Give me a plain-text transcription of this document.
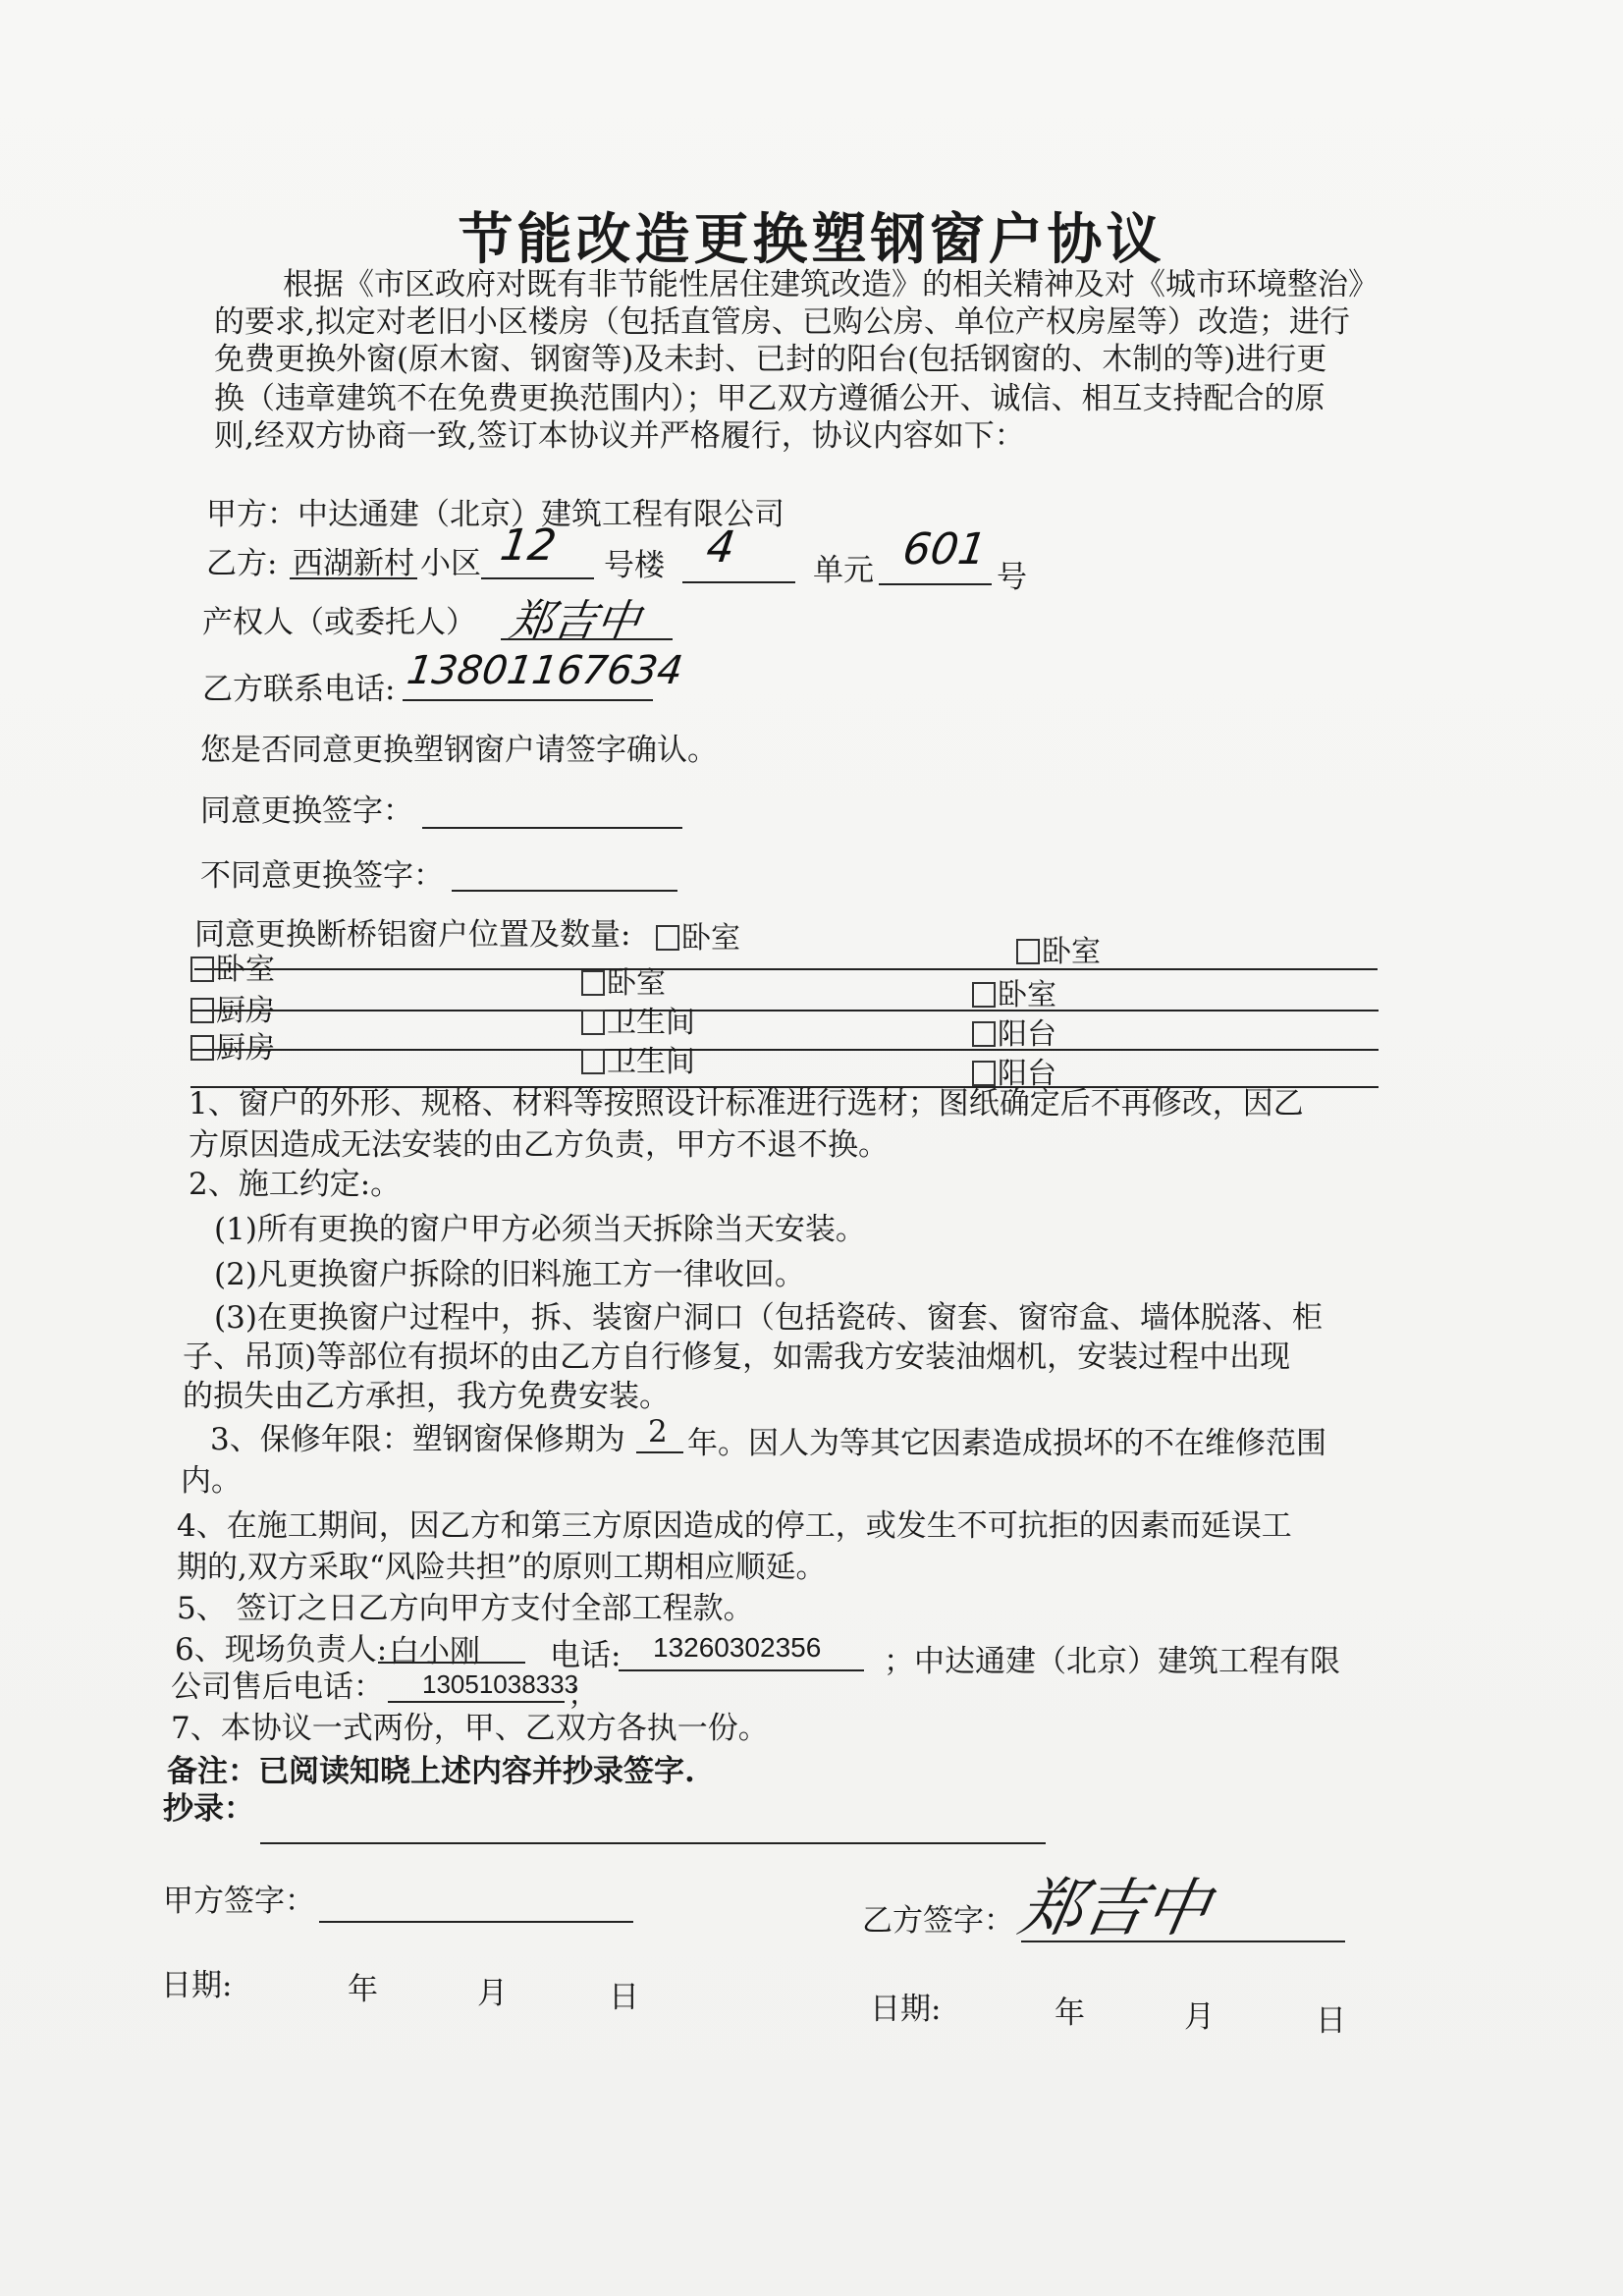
节能改造更换塑钢窗户协议
根据《市区政府对既有非节能性居住建筑改造》的相关精神及对《城市环境整治》
的要求,拟定对老旧小区楼房（包括直管房、已购公房、单位产权房屋等）改造；进行
免费更换外窗(原木窗、钢窗等)及未封、已封的阳台(包括钢窗的、木制的等)进行更
换（违章建筑不在免费更换范围内）；甲乙双方遵循公开、诚信、相互支持配合的原
则,经双方协商一致,签订本协议并严格履行，协议内容如下：
甲方：中达通建（北京）建筑工程有限公司
乙方: 西湖新村 小区 12 号楼 4 单元 601
号
产权人（或委托人） 郑吉中
乙方联系电话: 13801167634
您是否同意更换塑钢窗户请签字确认。
同意更换签字：
不同意更换签字：
同意更换断桥铝窗户位置及数量:	卧室	卧室
卧室	卧室	卧室
厨房	卫生间	阳台
厨房	卫生间	阳台
1、窗户的外形、规格、材料等按照设计标准进行选材；图纸确定后不再修改，因乙
方原因造成无法安装的由乙方负责，甲方不退不换。
2、施工约定:。
(1)所有更换的窗户甲方必须当天拆除当天安装。
(2)凡更换窗户拆除的旧料施工方一律收回。
(3)在更换窗户过程中，拆、装窗户洞口（包括瓷砖、窗套、窗帘盒、墙体脱落、柜
子、吊顶)等部位有损坏的由乙方自行修复，如需我方安装油烟机，安装过程中出现
的损失由乙方承担，我方免费安装。
3、保修年限：塑钢窗保修期为 2 年。因人为等其它因素造成损坏的不在维修范围
内。
4、在施工期间，因乙方和第三方原因造成的停工，或发生不可抗拒的因素而延误工
期的,双方采取“风险共担”的原则工期相应顺延。
5、 签订之日乙方向甲方支付全部工程款。
6、现场负责人: 白小刚 电话: 13260302356 ；中达通建（北京）建筑工程有限
公司售后电话： 13051038333
；
7、本协议一式两份，甲、乙双方各执一份。
备注：已阅读知晓上述内容并抄录签字.
抄录：
甲方签字：
乙方签字： 郑吉中
日期:	年	月	日	日期:	年	月	日
